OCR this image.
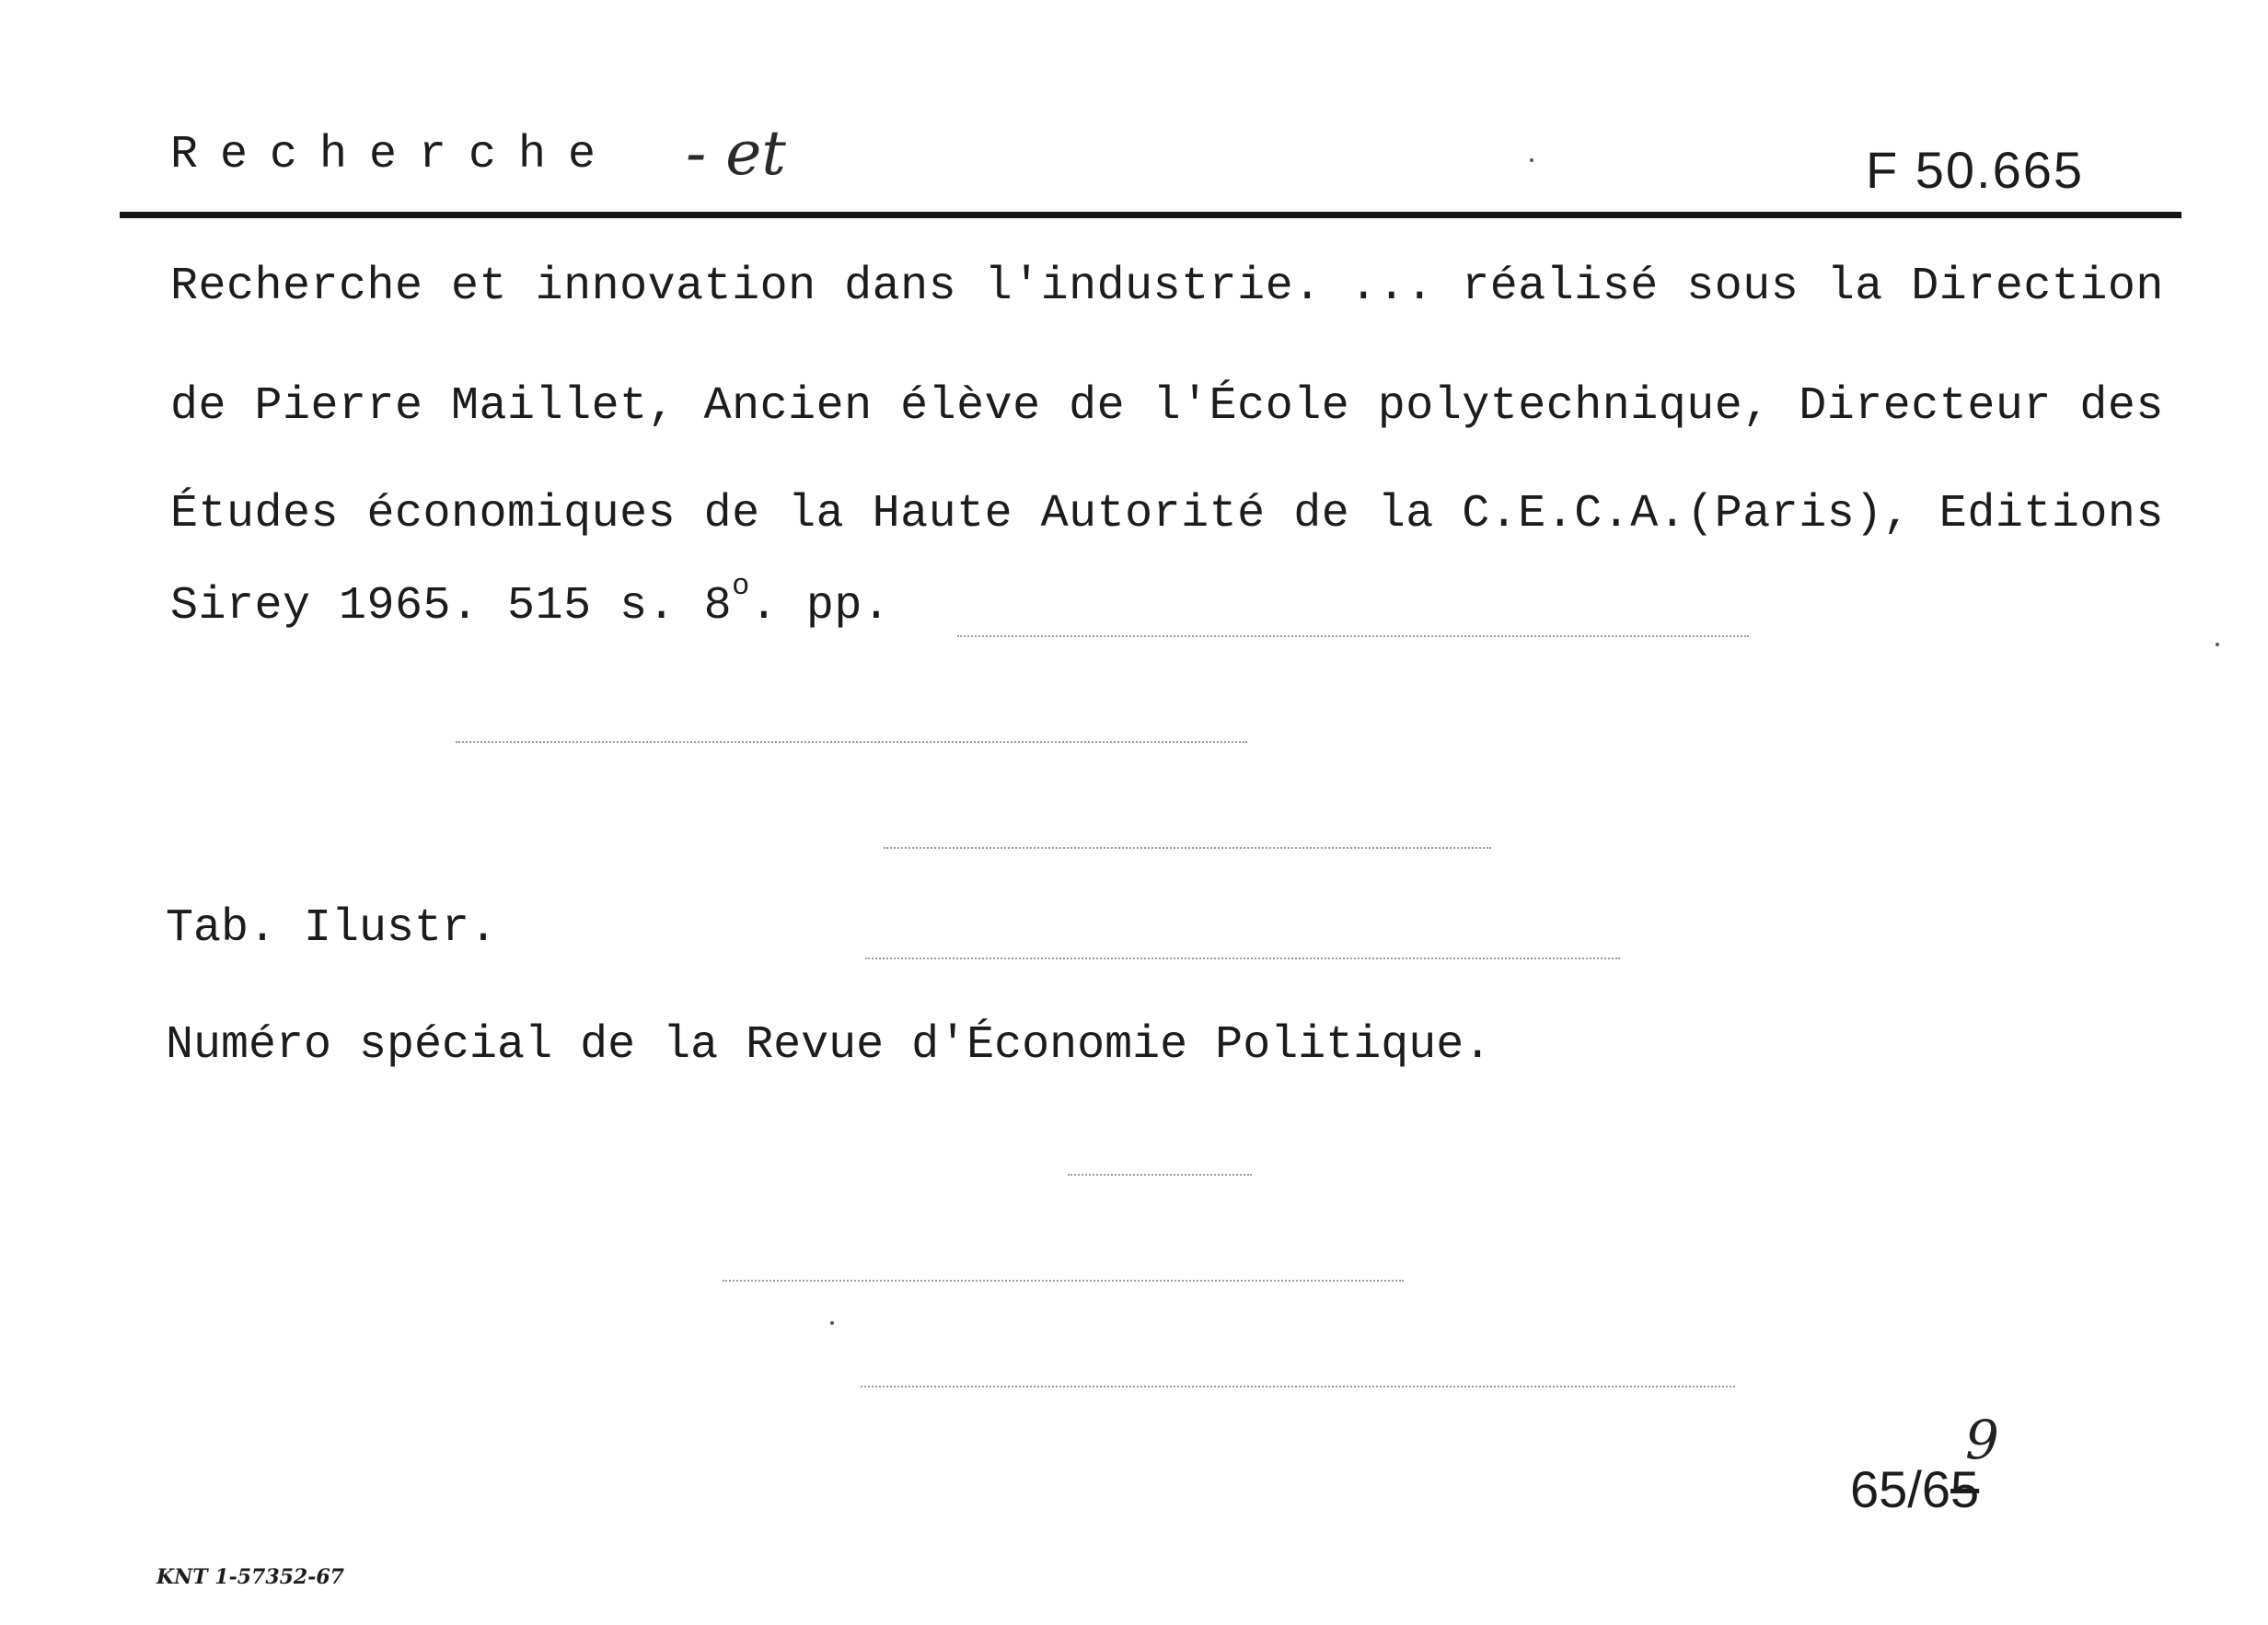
Recherche - et	F 50.665
Recherche et innovation dans l'industrie. ... réalisé sous la Direction
de Pierre Maillet, Ancien élève de l'École polytechnique, Directeur des
Études économiques de la Haute Autorité de la C.E.C.A.(Paris), Editions
Sirey 1965. 515 s. 8$^o$. pp.
Tab. Ilustr.
Numéro spécial de la Revue d'Économie Politique.
65/65
9
KNT 1-57352-67
